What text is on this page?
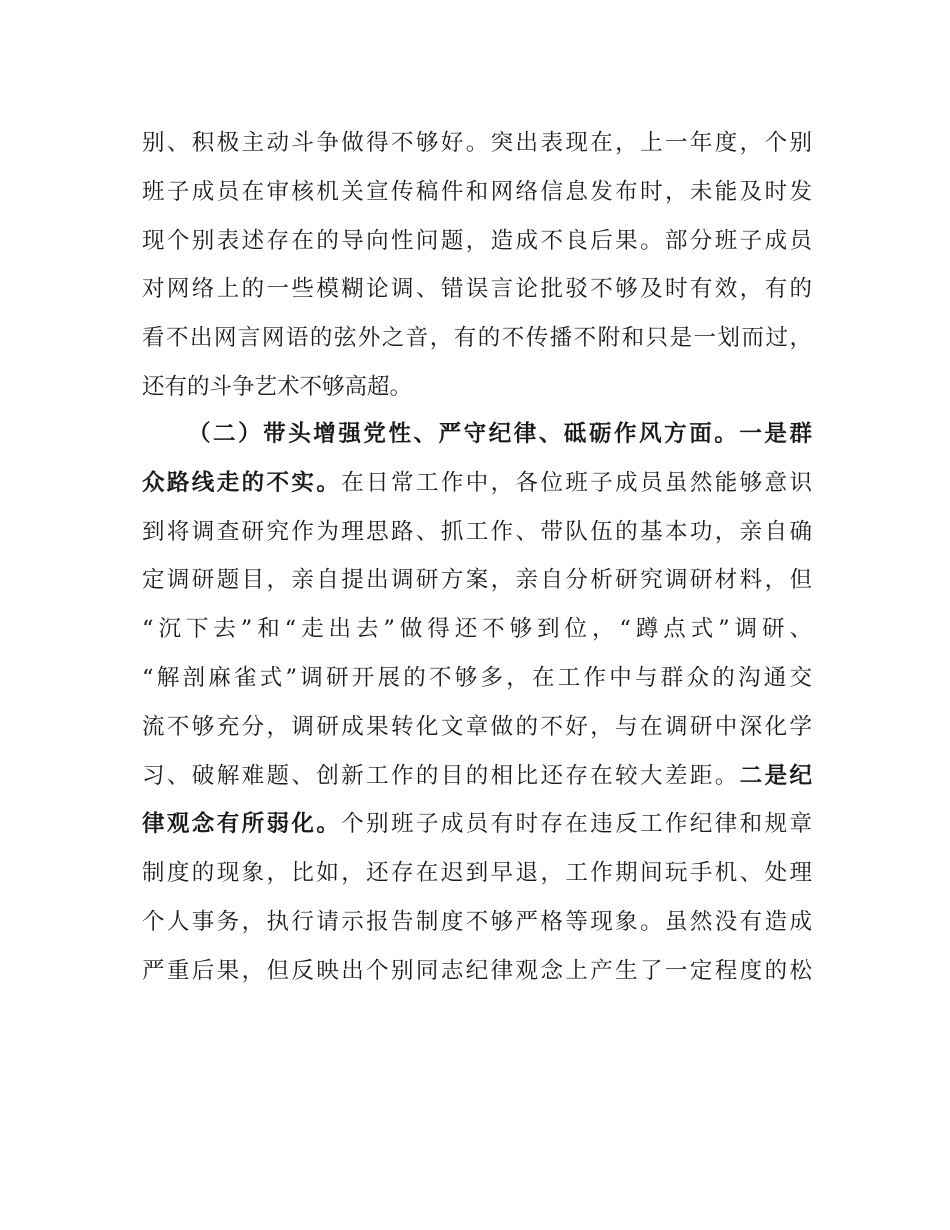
别、积极主动斗争做得不够好。突出表现在，上一年度，个别
班子成员在审核机关宣传稿件和网络信息发布时，未能及时发
现个别表述存在的导向性问题，造成不良后果。部分班子成员
对网络上的一些模糊论调、错误言论批驳不够及时有效，有的
看不出网言网语的弦外之音，有的不传播不附和只是一划而过，
还有的斗争艺术不够高超。
（二）带头增强党性、严守纪律、砥砺作风方面。一是群
众路线走的不实。在日常工作中，各位班子成员虽然能够意识
到将调查研究作为理思路、抓工作、带队伍的基本功，亲自确
定调研题目，亲自提出调研方案，亲自分析研究调研材料，但
“沉下去”和“走出去”做得还不够到位，“蹲点式”调研、
“解剖麻雀式”调研开展的不够多，在工作中与群众的沟通交
流不够充分，调研成果转化文章做的不好，与在调研中深化学
习、破解难题、创新工作的目的相比还存在较大差距。二是纪
律观念有所弱化。个别班子成员有时存在违反工作纪律和规章
制度的现象，比如，还存在迟到早退，工作期间玩手机、处理
个人事务，执行请示报告制度不够严格等现象。虽然没有造成
严重后果，但反映出个别同志纪律观念上产生了一定程度的松
